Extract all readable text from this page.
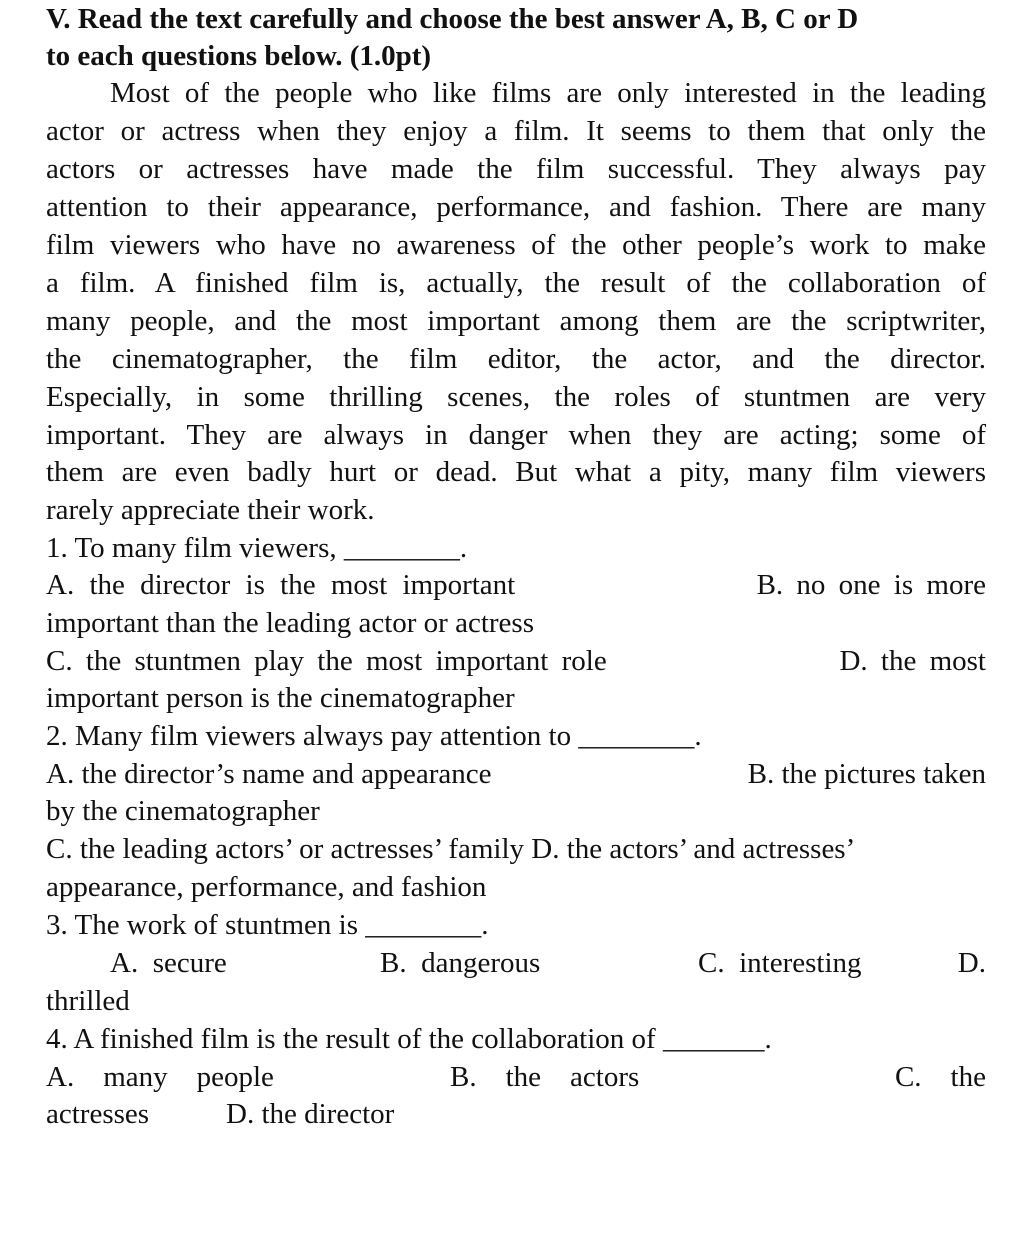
V. Read the text carefully and choose the best answer A, B, C or D
to each questions below. (1.0pt)
Most of the people who like films are only interested in the leading
actor or actress when they enjoy a film. It seems to them that only the
actors or actresses have made the film successful. They always pay
attention to their appearance, performance, and fashion. There are many
film viewers who have no awareness of the other people’s work to make
a film. A finished film is, actually, the result of the collaboration of
many people, and the most important among them are the scriptwriter,
the cinematographer, the film editor, the actor, and the director.
Especially, in some thrilling scenes, the roles of stuntmen are very
important. They are always in danger when they are acting; some of
them are even badly hurt or dead. But what a pity, many film viewers
rarely appreciate their work.
1. To many film viewers, ________.

A. the director is the most important

	B. no one is more

important than the leading actor or actress

C. the stuntmen play the most important role

	D. the most

important person is the cinematographer
2. Many film viewers always pay attention to ________.

A. the director’s name and appearance

	B. the pictures taken

by the cinematographer
C. the leading actors’ or actresses’ family D. the actors’ and actresses’
appearance, performance, and fashion
3. The work of stuntmen is ________.

A.  secure

	B.  dangerous

	C.  interesting

	D.

thrilled
4. A finished film is the result of the collaboration of _______.

A.    many    people

	B.    the    actors

	C.    the

actresses

	D. the director
